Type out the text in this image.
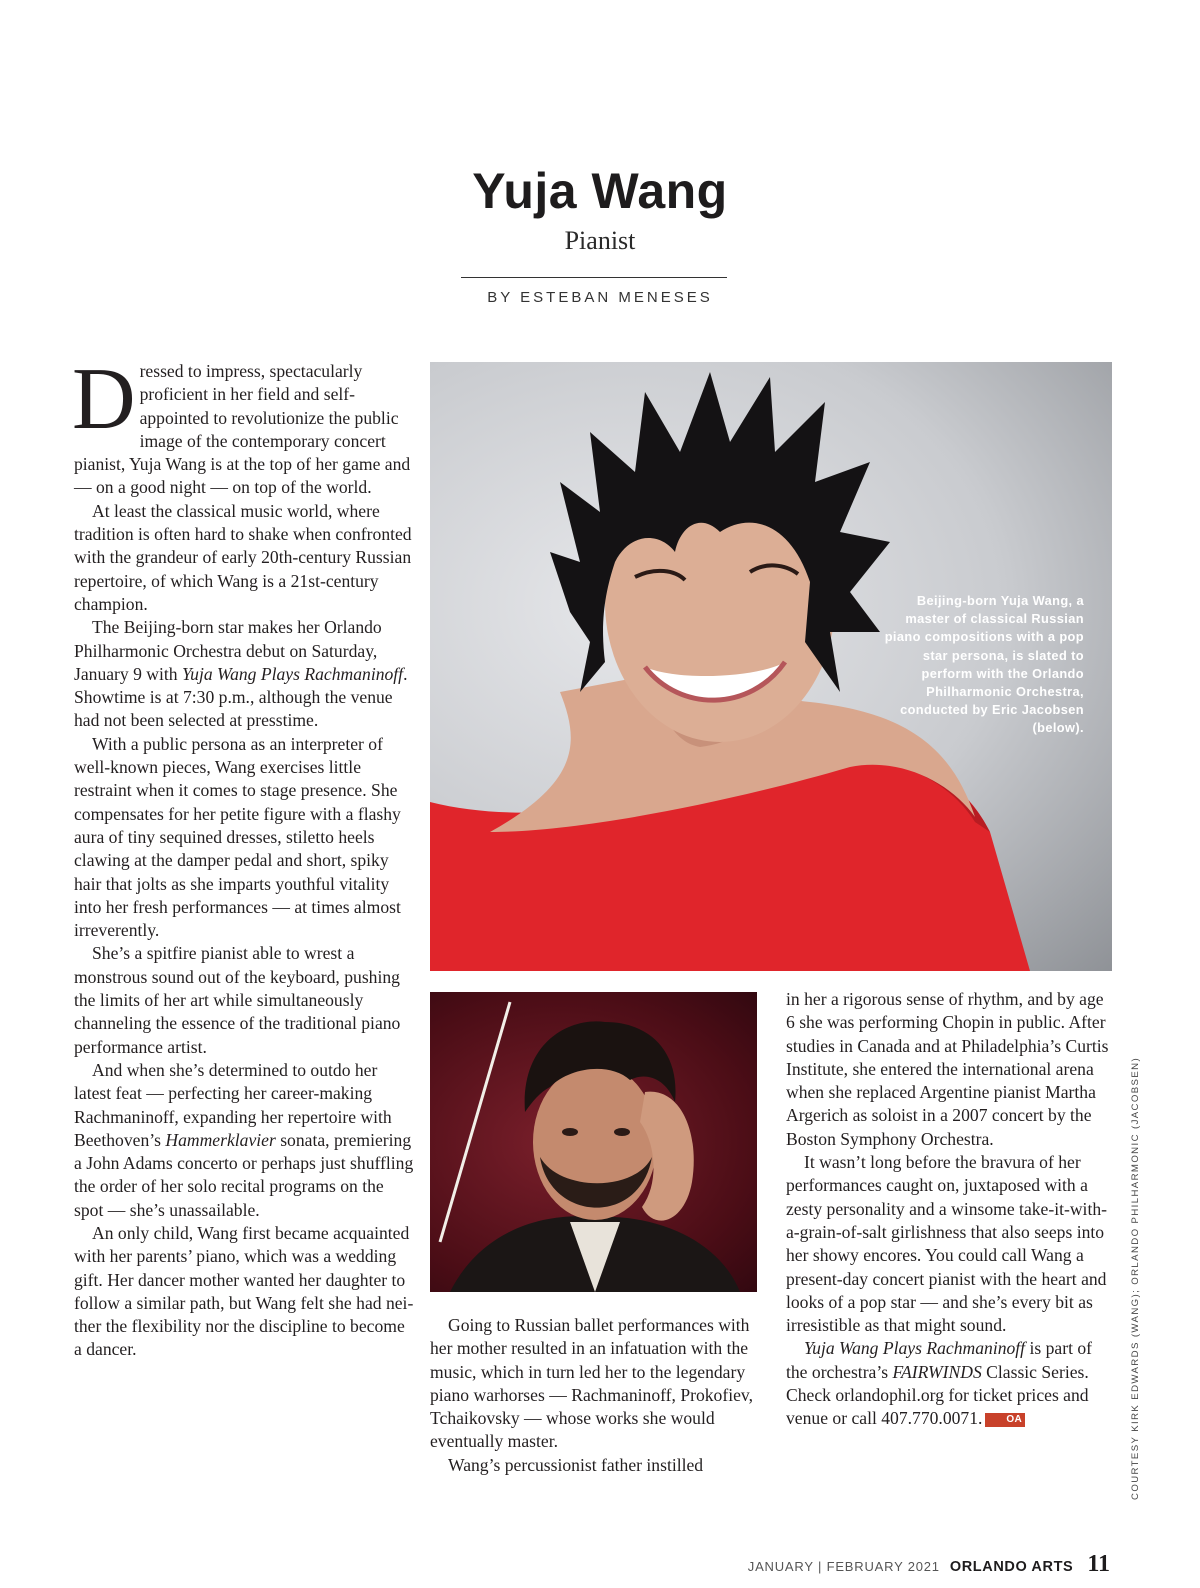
Yuja Wang
Pianist
BY ESTEBAN MENESES

Dressed to impress, spectacularly proficient in her field and self-appointed to revolutionize the public image of the contemporary concert pianist, Yuja Wang is at the top of her game and — on a good night — on top of the world.

At least the classical music world, where tradition is often hard to shake when confronted with the grandeur of early 20th-century Russian repertoire, of which Wang is a 21st-century champion.

The Beijing-born star makes her Orlando Philharmonic Orchestra debut on Saturday, January 9 with Yuja Wang Plays Rachmaninoff. Showtime is at 7:30 p.m., although the venue had not been selected at presstime.

With a public persona as an interpreter of well-known pieces, Wang exercises little restraint when it comes to stage presence. She compensates for her petite figure with a flashy aura of tiny sequined dresses, stiletto heels clawing at the damper pedal and short, spiky hair that jolts as she imparts youthful vitality into her fresh performances — at times almost irreverently.

She’s a spitfire pianist able to wrest a monstrous sound out of the keyboard, pushing the limits of her art while simultaneously channeling the essence of the traditional piano performance artist.

And when she’s determined to outdo her latest feat — perfecting her career-making Rachmaninoff, expanding her repertoire with Beethoven’s Hammerklavier sonata, premiering a John Adams concerto or perhaps just shuffling the order of her solo recital programs on the spot — she’s unassailable.

An only child, Wang first became acquainted with her parents’ piano, which was a wedding gift. Her dancer mother wanted her daughter to follow a similar path, but Wang felt she had neither the flexibility nor the discipline to become a dancer.

Beijing-born Yuja Wang, a master of classical Russian piano compositions with a pop star persona, is slated to perform with the Orlando Philharmonic Orchestra, conducted by Eric Jacobsen (below).

Going to Russian ballet performances with her mother resulted in an infatuation with the music, which in turn led her to the legendary piano warhorses — Rachmaninoff, Prokofiev, Tchaikovsky — whose works she would eventually master.

Wang’s percussionist father instilled

in her a rigorous sense of rhythm, and by age 6 she was performing Chopin in public. After studies in Canada and at Philadelphia’s Curtis Institute, she entered the international arena when she replaced Argentine pianist Martha Argerich as soloist in a 2007 concert by the Boston Symphony Orchestra.

It wasn’t long before the bravura of her performances caught on, juxtaposed with a zesty personality and a winsome take-it-with-a-grain-of-salt girlishness that also seeps into her showy encores. You could call Wang a present-day concert pianist with the heart and looks of a pop star — and she’s every bit as irresistible as that might sound.

Yuja Wang Plays Rachmaninoff is part of the orchestra’s FAIRWINDS Classic Series. Check orlandophil.org for ticket prices and venue or call 407.770.0071. OA	COURTESY KIRK EDWARDS (WANG); ORLANDO PHILHARMONIC (JACOBSEN)
JANUARY | FEBRUARY 2021 ORLANDO ARTS 11
